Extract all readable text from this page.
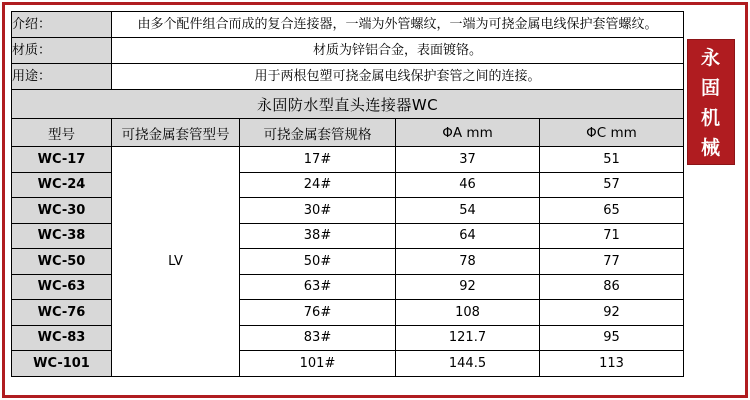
介绍：	由多个配件组合而成的复合连接器，一端为外管螺纹，一端为可挠金属电线保护套管螺纹。			
材质：	材质为锌铝合金，表面镀铬。			
用途：	用于两根包塑可挠金属电线保护套管之间的连接。			
永固防水型直头连接器WC				
型号	可挠金属套管型号	可挠金属套管规格	ΦA mm	ΦC mm
WC-17	LV	17#	37	51
WC-24		24#	46	57
WC-30		30#	54	65
WC-38		38#	64	71
WC-50		50#	78	77
WC-63		63#	92	86
WC-76		76#	108	92
WC-83		83#	121.7	95
WC-101		101#	144.5	113
永
固
机
械
